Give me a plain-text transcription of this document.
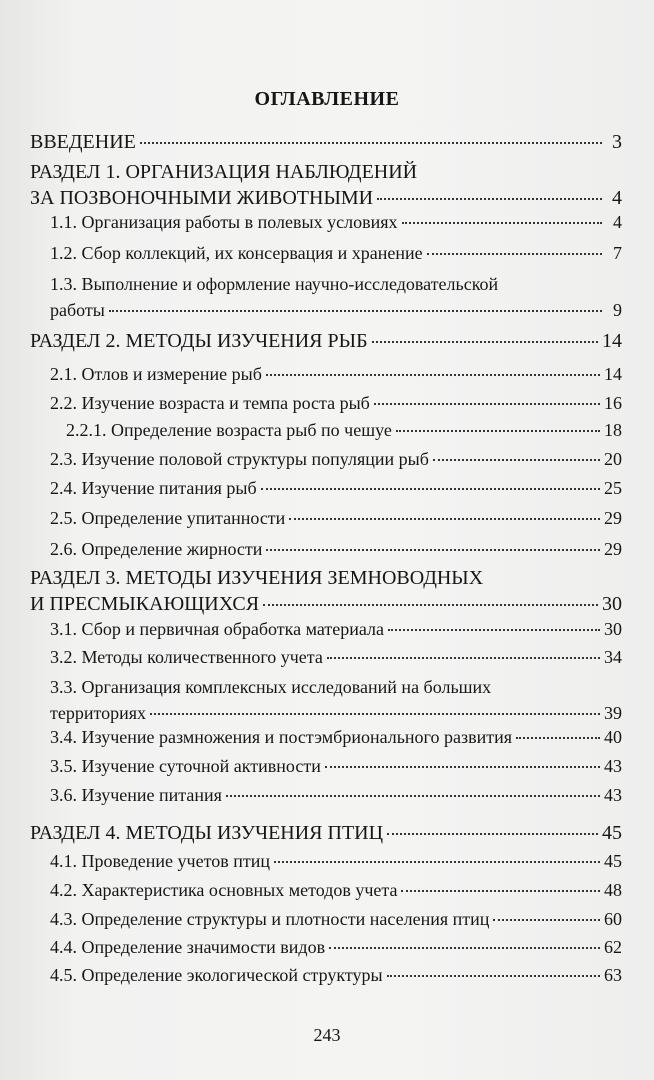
ОГЛАВЛЕНИЕ
ВВЕДЕНИЕ	3
РАЗДЕЛ 1. ОРГАНИЗАЦИЯ НАБЛЮДЕНИЙ
ЗА ПОЗВОНОЧНЫМИ ЖИВОТНЫМИ	4
1.1. Организация работы в полевых условиях	4
1.2. Сбор коллекций, их консервация и хранение	7
1.3. Выполнение и оформление научно-исследовательской
работы	9
РАЗДЕЛ 2. МЕТОДЫ ИЗУЧЕНИЯ РЫБ	14
2.1. Отлов и измерение рыб	14
2.2. Изучение возраста и темпа роста рыб	16
2.2.1. Определение возраста рыб по чешуе	18
2.3. Изучение половой структуры популяции рыб	20
2.4. Изучение питания рыб	25
2.5. Определение упитанности	29
2.6. Определение жирности	29
РАЗДЕЛ 3. МЕТОДЫ ИЗУЧЕНИЯ ЗЕМНОВОДНЫХ
И ПРЕСМЫКАЮЩИХСЯ	30
3.1. Сбор и первичная обработка материала	30
3.2. Методы количественного учета	34
3.3. Организация комплексных исследований на больших
территориях	39
3.4. Изучение размножения и постэмбрионального развития	40
3.5. Изучение суточной активности	43
3.6. Изучение питания	43
РАЗДЕЛ 4. МЕТОДЫ ИЗУЧЕНИЯ ПТИЦ	45
4.1. Проведение учетов птиц	45
4.2. Характеристика основных методов учета	48
4.3. Определение структуры и плотности населения птиц	60
4.4. Определение значимости видов	62
4.5. Определение экологической структуры	63
243
